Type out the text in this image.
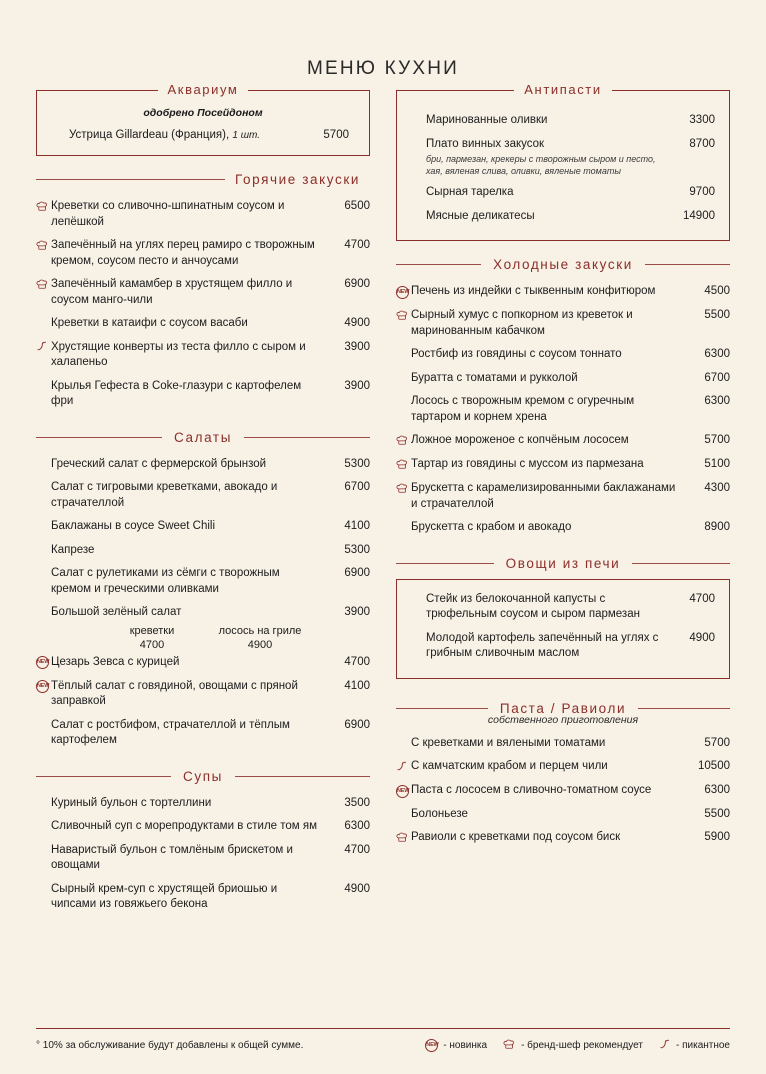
МЕНЮ КУХНИ
Аквариум
одобрено Посейдоном
Устрица Gillardeau (Франция), 1 шт.	5700
Горячие закуски
Креветки со сливочно-шпинатным соусом и лепёшкой
6500
Запечённый на углях перец рамиро с творожным кремом, соусом песто и анчоусами
4700
Запечённый камамбер в хрустящем филло и соусом манго-чили
6900
Креветки в катаифи с соусом васаби	4900
Хрустящие конверты из теста филло с сыром и халапеньо
3900
Крылья Гефеста в Coke-глазури с картофелем фри
3900
Салаты
Греческий салат с фермерской брынзой	5300
Салат с тигровыми креветками, авокадо и страчателлой
6700
Баклажаны в соусе Sweet Chili	4100
Капрезе	5300
Салат с рулетиками из сёмги с творожным кремом и греческими оливками
6900
Большой зелёный салат	3900
креветки
4700
лосось на гриле
4900
NEW Цезарь Зевса с курицей	4700
NEW Тёплый салат с говядиной, овощами с пряной заправкой
4100
Салат с ростбифом, страчателлой и тёплым картофелем
6900
Супы
Куриный бульон с тортеллини	3500
Сливочный суп с морепродуктами в стиле том ям	6300
Наваристый бульон с томлёным брискетом и овощами
4700
Сырный крем-суп с хрустящей бриошью и чипсами из говяжьего бекона
4900
Антипасти
Маринованные оливки	3300
Плато винных закусок
бри, пармезан, крекеры с творожным сыром и песто, хая, вяленая слива, оливки, вяленые томаты
8700
Сырная тарелка	9700
Мясные деликатесы	14900
Холодные закуски
NEW Печень из индейки с тыквенным конфитюром	4500
Сырный хумус с попкорном из креветок и маринованным кабачком
5500
Ростбиф из говядины с соусом тоннато	6300
Буратта с томатами и рукколой	6700
Лосось с творожным кремом с огуречным тартаром и корнем хрена
6300
Ложное мороженое с копчёным лососем	5700
Тартар из говядины с муссом из пармезана	5100
Брускетта с карамелизированными баклажанами и страчателлой
4300
Брускетта с крабом и авокадо	8900
Овощи из печи
Стейк из белокочанной капусты с трюфельным соусом и сыром пармезан
4700
Молодой картофель запечённый на углях с грибным сливочным маслом
4900
Паста / Равиоли
собственного приготовления
С креветками и вялеными томатами	5700
С камчатским крабом и перцем чили	10500
NEW Паста с лососем в сливочно-томатном соусе	6300
Болоньезе	5500
Равиоли с креветками под соусом биск	5900
° 10% за обслуживание будут добавлены к общей сумме.	NEW - новинка	- бренд-шеф рекомендует	- пикантное
